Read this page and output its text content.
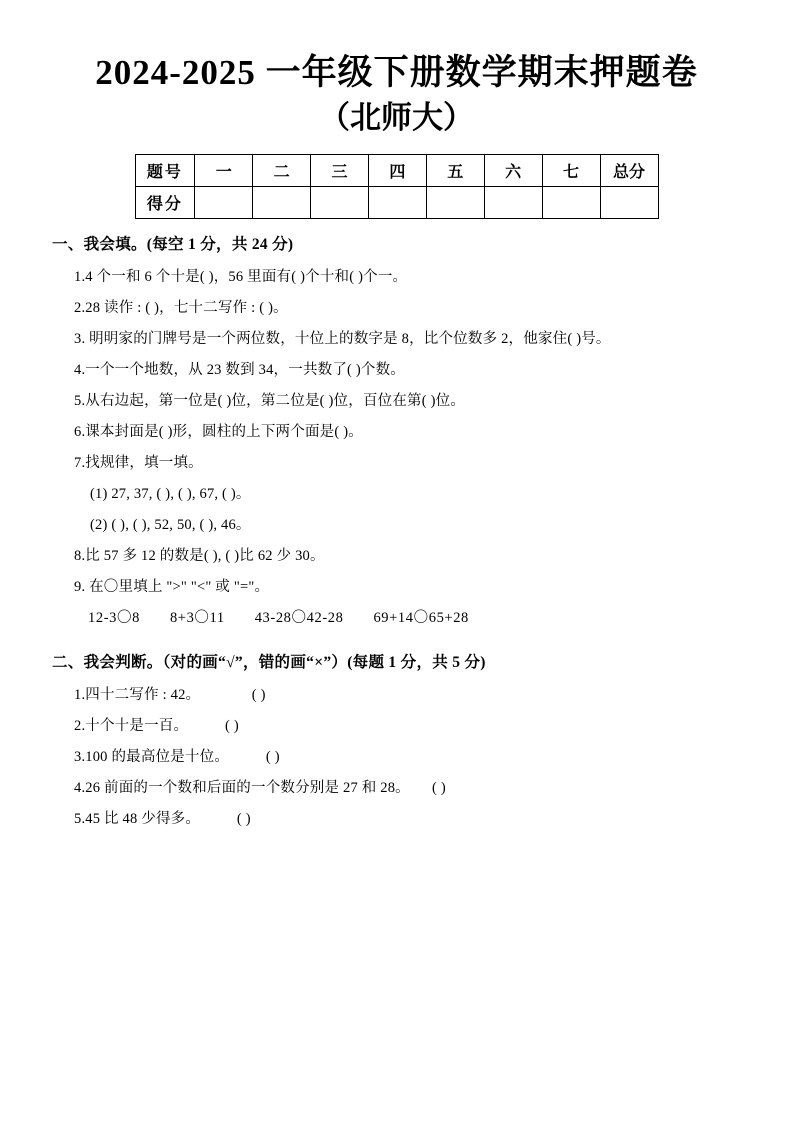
2024-2025 一年级下册数学期末押题卷
（北师大）
题号	一	二	三	四	五	六	七	总分
得分								
一、我会填。(每空 1 分，共 24 分)
1.4 个一和 6 个十是( )，56 里面有( )个十和( )个一。
2.28 读作 : ( )，七十二写作 : ( )。
3. 明明家的门牌号是一个两位数，十位上的数字是 8，比个位数多 2，他家住( )号。
4.一个一个地数，从 23 数到 34，一共数了( )个数。
5.从右边起，第一位是( )位，第二位是( )位，百位在第( )位。
6.课本封面是( )形，圆柱的上下两个面是( )。
7.找规律，填一填。
(1) 27, 37, ( ), ( ), 67, ( )。
(2) ( ), ( ), 52, 50, ( ), 46。
8.比 57 多 12 的数是( ), ( )比 62 少 30。
9. 在〇里填上 ">" "<" 或 "="。
12-3〇8 8+3〇11 43-28〇42-28 69+14〇65+28
二、我会判断。（对的画“√”，错的画“×”）(每题 1 分，共 5 分)
1.四十二写作 : 42。　　　　( )
2.十个十是一百。　　　( )
3.100 的最高位是十位。　　　( )
4.26 前面的一个数和后面的一个数分别是 27 和 28。　　( )
5.45 比 48 少得多。　　　( )
